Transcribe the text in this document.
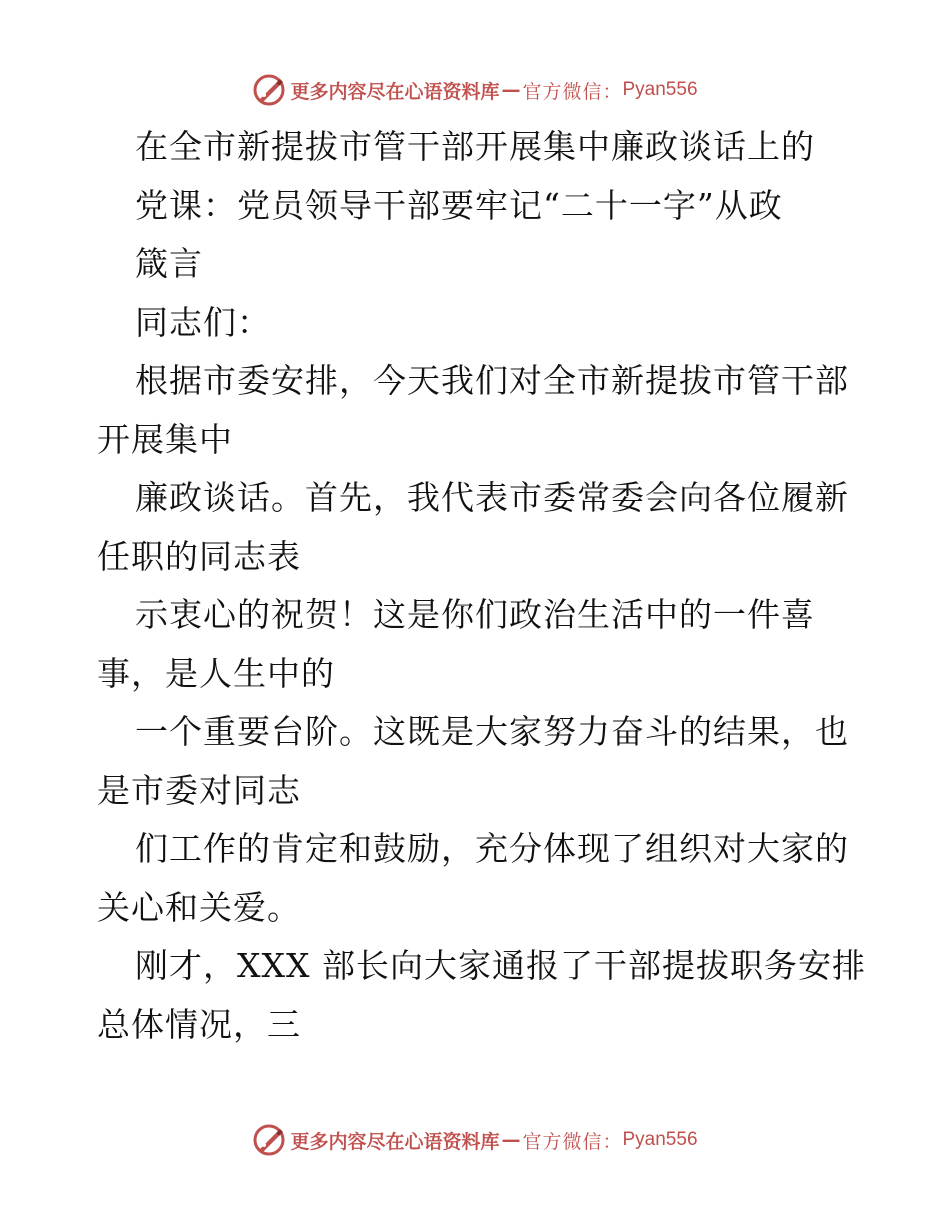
更多内容尽在心语资料库 — 官方微信： Pyan556
在全市新提拔市管干部开展集中廉政谈话上的
党课：党员领导干部要牢记“二十一字”从政
箴言
同志们：
根据市委安排，今天我们对全市新提拔市管干部
开展集中
廉政谈话。首先，我代表市委常委会向各位履新
任职的同志表
示衷心的祝贺！这是你们政治生活中的一件喜
事，是人生中的
一个重要台阶。这既是大家努力奋斗的结果，也
是市委对同志
们工作的肯定和鼓励，充分体现了组织对大家的
关心和关爱。
刚才，XXX 部长向大家通报了干部提拔职务安排
总体情况，三
更多内容尽在心语资料库 — 官方微信： Pyan556
